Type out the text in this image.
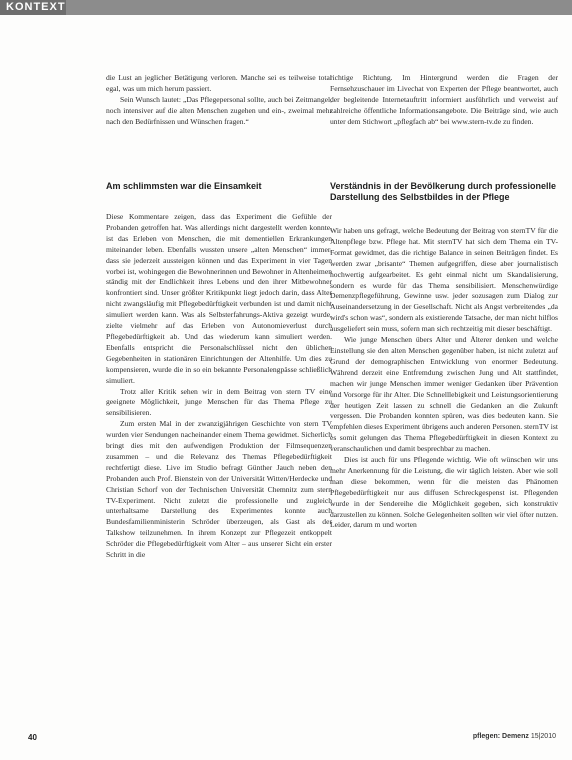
KONTEXT

die Lust an jeglicher Betätigung verloren. Manche sei es teilweise total egal, was um mich herum passiert.

Sein Wunsch lautet: „Das Pflegepersonal sollte, auch bei Zeitmangel, noch intensiver auf die alten Menschen zugehen und ein-, zweimal mehr nach den Bedürfnissen und Wünschen fragen.“

richtige Richtung. Im Hintergrund werden die Fragen der Fernsehzuschauer im Livechat von Experten der Pflege beantwortet, auch der begleitende Internetauftritt informiert ausführlich und verweist auf zahlreiche öffentliche Informationsangebote. Die Beiträge sind, wie auch unter dem Stichwort „pflegfach ab“ bei www.stern-tv.de zu finden.

Am schlimmsten war die Einsamkeit	Verständnis in der Bevölkerung durch professionelle Darstellung des Selbstbildes in der Pflege

Diese Kommentare zeigen, dass das Experiment die Gefühle der Probanden getroffen hat. Was allerdings nicht dargestellt werden konnte, ist das Erleben von Menschen, die mit dementiellen Erkrankungen miteinander leben. Ebenfalls wussten unsere „alten Menschen“ immer, dass sie jederzeit aussteigen können und das Experiment in vier Tagen vorbei ist, wohingegen die Bewohnerinnen und Bewohner in Altenheimen ständig mit der Endlichkeit ihres Lebens und den ihrer Mitbewohner konfrontiert sind. Unser größter Kritikpunkt liegt jedoch darin, dass Alter nicht zwangsläufig mit Pflegebedürftigkeit verbunden ist und damit nicht simuliert werden kann. Was als Selbsterfahrungs-Aktiva gezeigt wurde, zielte vielmehr auf das Erleben von Autonomieverlust durch Pflegebedürftigkeit ab. Und das wiederum kann simuliert werden. Ebenfalls entspricht die Personalschlüssel nicht den üblichen Gegebenheiten in stationären Einrichtungen der Altenhilfe. Um dies zu kompensieren, wurde die in so ein bekannte Personalengpässe schließlich simuliert.

Trotz aller Kritik sehen wir in dem Beitrag von stern TV eine geeignete Möglichkeit, junge Menschen für das Thema Pflege zu sensibilisieren.

Zum ersten Mal in der zwanzigjährigen Geschichte von stern TV wurden vier Sendungen nacheinander einem Thema gewidmet. Sicherlich bringt dies mit den aufwendigen Produktion der Filmsequenzen zusammen – und die Relevanz des Themas Pflegebedürftigkeit rechtfertigt diese. Live im Studio befragt Günther Jauch neben den Probanden auch Prof. Bienstein von der Universität Witten/Herdecke und Christian Schorf von der Technischen Universität Chemnitz zum stern TV-Experiment. Nicht zuletzt die professionelle und zugleich unterhaltsame Darstellung des Experimentes konnte auch Bundesfamilienministerin Schröder überzeugen, als Gast als der Talkshow teilzunehmen. In ihrem Konzept zur Pflegezeit entkoppelt Schröder die Pflegebedürftigkeit vom Alter – aus unserer Sicht ein erster Schritt in die

Wir haben uns gefragt, welche Bedeutung der Beitrag von sternTV für die Altenpflege bzw. Pflege hat. Mit sternTV hat sich dem Thema ein TV-Format gewidmet, das die richtige Balance in seinen Beiträgen findet. Es werden zwar „brisante“ Themen aufgegriffen, diese aber journalistisch hochwertig aufgearbeitet. Es geht einmal nicht um Skandalisierung, sondern es wurde für das Thema sensibilisiert. Menschenwürdige Demenzpflegeführung, Gewinne usw. jeder sozusagen zum Dialog zur Auseinandersetzung in der Gesellschaft. Nicht als Angst verbreitendes „da wird's schon was“, sondern als existierende Tatsache, der man nicht hilflos ausgeliefert sein muss, sofern man sich rechtzeitig mit dieser beschäftigt.

Wie junge Menschen übers Alter und Älterer denken und welche Einstellung sie den alten Menschen gegenüber haben, ist nicht zuletzt auf Grund der demographischen Entwicklung von enormer Bedeutung. Während derzeit eine Entfremdung zwischen Jung und Alt stattfindet, machen wir junge Menschen immer weniger Gedanken über Prävention und Vorsorge für ihr Alter. Die Schnelllebigkeit und Leistungsorientierung der heutigen Zeit lassen zu schnell die Gedanken an die Zukunft vergessen. Die Probanden konnten spüren, was dies bedeuten kann. Sie empfehlen dieses Experiment übrigens auch anderen Personen. sternTV ist es somit gelungen das Thema Pflegebedürftigkeit in diesen Kontext zu veranschaulichen und damit besprechbar zu machen.

Dies ist auch für uns Pflegende wichtig. Wie oft wünschen wir uns mehr Anerkennung für die Leistung, die wir täglich leisten. Aber wie soll man diese bekommen, wenn für die meisten das Phänomen Pflegebedürftigkeit nur aus diffusen Schreckgespenst ist. Pflegenden wurde in der Sendereihe die Möglichkeit gegeben, sich konstruktiv darzustellen zu können. Solche Gelegenheiten sollten wir viel öfter nutzen. Leider, darum m und worten

40	pflegen: Demenz 15|2010
